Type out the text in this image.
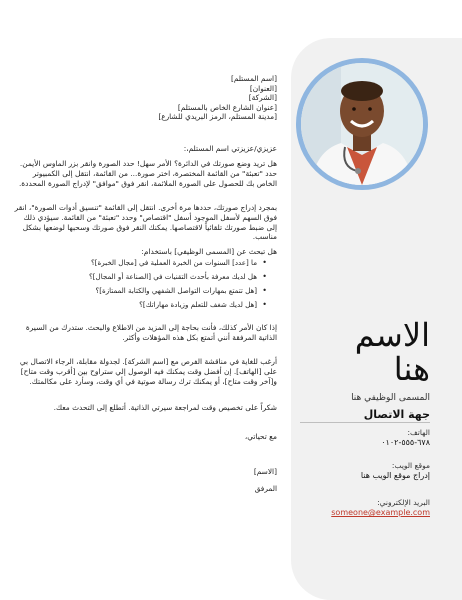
[اسم المستلم]
[العنوان]
[الشركة]
[عنوان الشارع الخاص بالمستلم]
[مدينة المستلم، الرمز البريدي للشارع]

عزيزي/عزيزتي اسم المستلم،:

هل تريد وضع صورتك في الدائرة؟ الأمر سهل! حدد الصورة وانقر بزر الماوس الأيمن. حدد "تعبئة" من القائمة المختصرة، اختر صورة... من القائمة، انتقل إلى الكمبيوتر الخاص بك للحصول على الصورة الملائمة، انقر فوق "موافق" لإدراج الصورة المحددة.

بمجرد إدراج صورتك، حددها مرة أخرى. انتقل إلى القائمة "تنسيق أدوات الصورة"، انقر فوق السهم لأسفل الموجود أسفل "اقتصاص" وحدد "تعبئة" من القائمة. سيؤدي ذلك إلى ضبط صورتك تلقائياً لاقتصاصها. يمكنك النقر فوق صورتك وسحبها لوضعها بشكل مناسب.

هل تبحث عن [المسمى الوظيفي] باستخدام:

• ما [عدد] السنوات من الخبرة العملية في [مجال الخبرة]؟
• هل لديك معرفة بأحدث التقنيات في [الصناعة أو المجال]؟
• [هل تتمتع بمهارات التواصل الشفهي والكتابة الممتازة]؟
• [هل لديك شغف للتعلم وزيادة مهاراتك]؟

إذا كان الأمر كذلك، فأنت بحاجة إلى المزيد من الاطلاع والبحث. ستدرك من السيرة الذاتية المرفقة أنني أتمتع بكل هذه المؤهلات وأكثر.

أرغب للغاية في مناقشة الفرص مع [اسم الشركة]. لجدولة مقابلة، الرجاء الاتصال بي على [الهاتف]. إن أفضل وقت يمكنك فيه الوصول إلي ستراوح بين [أقرب وقت متاح] و[آخر وقت متاح]، أو يمكنك ترك رسالة صوتية في أي وقت، وسأرد على مكالمتك.

شكراً على تخصيص وقت لمراجعة سيرتي الذاتية. أتطلع إلى التحدث معك.

مع تحياتي،

[الاسم]

المرفق

الاسم
هنا
المسمى الوظيفي هنا
جهة الاتصال
الهاتف:
٦٧٨-٥٥٥-٠١٠٢
موقع الويب:
إدراج موقع الويب هنا
البريد الإلكتروني:
someone@example.com
